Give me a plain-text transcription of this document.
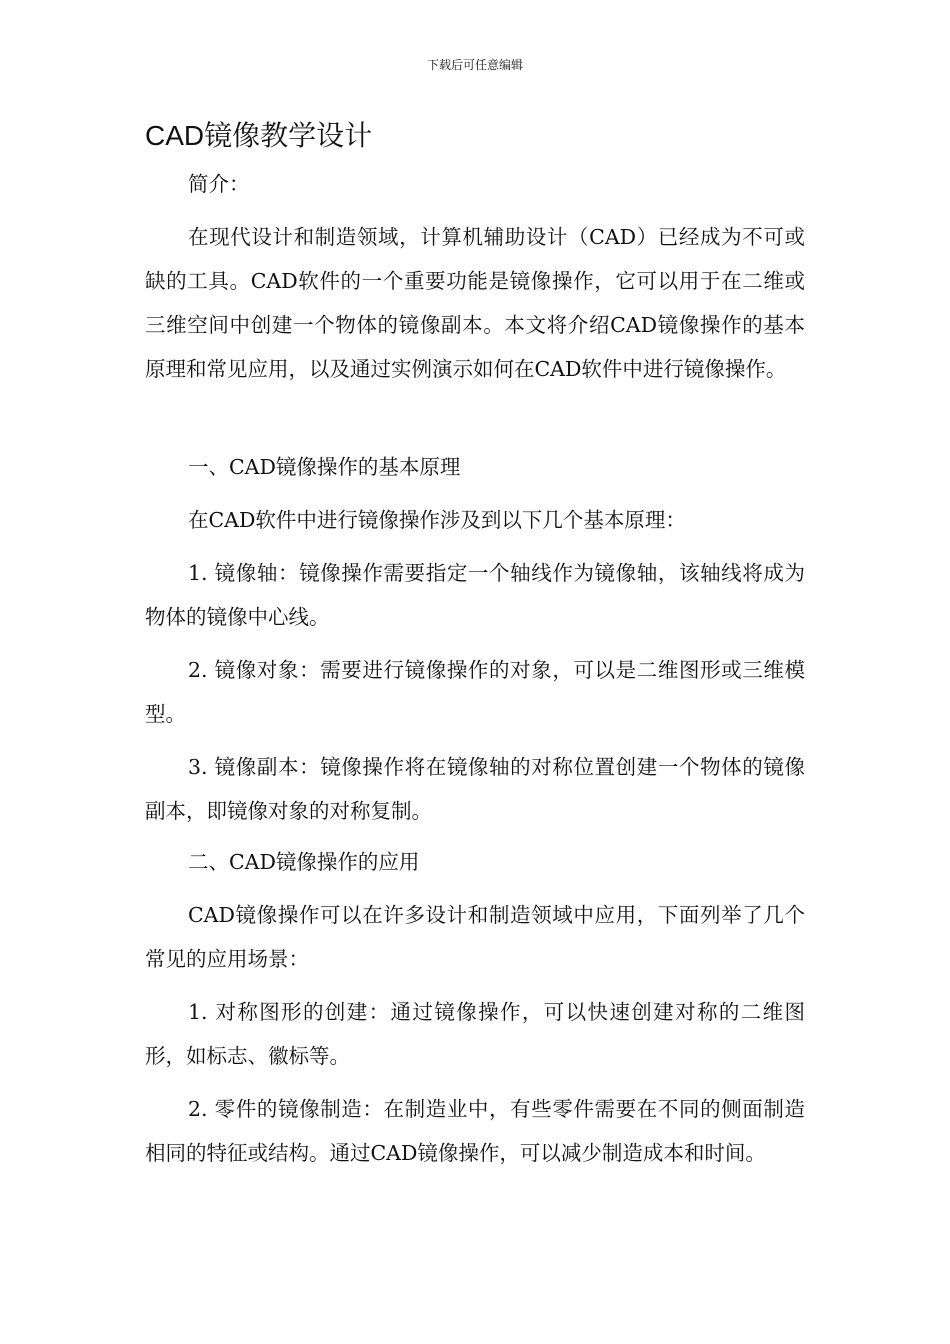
下载后可任意编辑
CAD镜像教学设计

简介：

在现代设计和制造领域，计算机辅助设计（CAD）已经成为不可或缺的工具。CAD软件的一个重要功能是镜像操作，它可以用于在二维或三维空间中创建一个物体的镜像副本。本文将介绍CAD镜像操作的基本原理和常见应用，以及通过实例演示如何在CAD软件中进行镜像操作。

一、CAD镜像操作的基本原理

在CAD软件中进行镜像操作涉及到以下几个基本原理：

1. 镜像轴：镜像操作需要指定一个轴线作为镜像轴，该轴线将成为物体的镜像中心线。

2. 镜像对象：需要进行镜像操作的对象，可以是二维图形或三维模型。

3. 镜像副本：镜像操作将在镜像轴的对称位置创建一个物体的镜像副本，即镜像对象的对称复制。

二、CAD镜像操作的应用

CAD镜像操作可以在许多设计和制造领域中应用，下面列举了几个常见的应用场景：

1. 对称图形的创建：通过镜像操作，可以快速创建对称的二维图形，如标志、徽标等。

2. 零件的镜像制造：在制造业中，有些零件需要在不同的侧面制造相同的特征或结构。通过CAD镜像操作，可以减少制造成本和时间。
